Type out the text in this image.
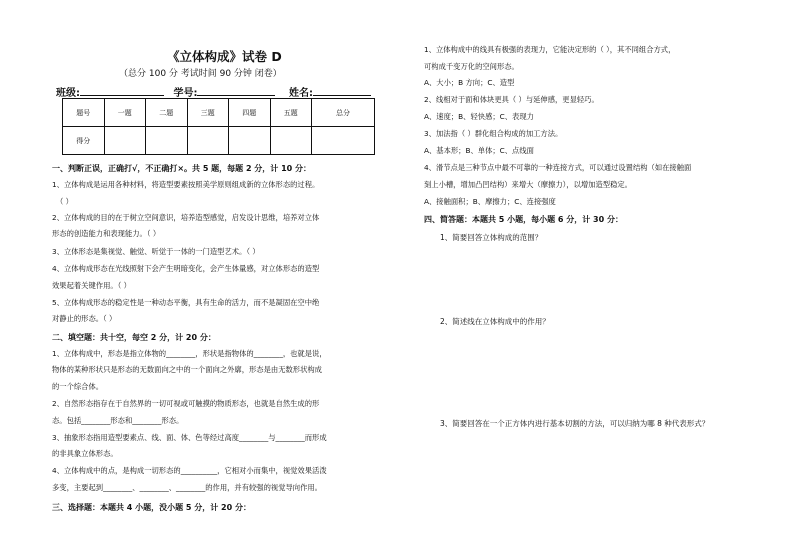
《立体构成》试卷 D
（总分 100 分 考试时间 90 分钟 闭卷）
班级:	学号:	姓名:
题号	一题	二题	三题	四题	五题	总分
得分						
一、判断正误，正确打√，不正确打×。共 5 题，每题 2 分，计 10 分：
1、立体构成是运用各种材料，将造型要素按照美学原则组成新的立体形态的过程。
（ ）
2、立体构成的目的在于树立空间意识，培养造型感觉，启发设计思维，培养对立体
形态的创造能力和表现能力。（ ）
3、立体形态是集视觉、触觉、听觉于一体的一门造型艺术。（ ）
4、立体构成形态在光线照射下会产生明暗变化，会产生体量感，对立体形态的造型
效果起着关键作用。（ ）
5、立体构成形态的稳定性是一种动态平衡，具有生命的活力，而不是凝固在空中绝
对静止的形态。（ ）
二、填空题：共十空，每空 2 分，计 20 分：
1、立体构成中，形态是指立体物的________，形状是指物体的________，也就是说，
物体的某种形状只是形态的无数面向之中的一个面向之外廓，形态是由无数形状构成
的一个综合体。
2、自然形态指存在于自然界的一切可视或可触摸的物质形态，也就是自然生成的形
态。包括________形态和________形态。
3、抽象形态指用造型要素点、线、面、体、色等经过高度________与________而形成
的非具象立体形态。
4、立体构成中的点，是构成一切形态的__________，它相对小而集中，视觉效果活泼
多变，主要起到________、________、________的作用，并有较强的视觉导向作用。
三、选择题：本题共 4 小题，没小题 5 分，计 20 分：
1、立体构成中的线具有极强的表现力，它能决定形的（ ），其不同组合方式，
可构成千变万化的空间形态。
A、大小；B 方向；C、造型
2、线相对于面和体块更具（ ）与延伸感，更显轻巧。
A、速度；B、轻快感；C、表现力
3、加法指（ ）群化组合构成的加工方法。
A、基本形；B、单体；C、点线面
4、滑节点是三种节点中最不可靠的一种连接方式，可以通过设置结构（如在接触面
刻上小槽，增加凸凹结构）来增大（摩擦力），以增加造型稳定。
A、接触面积；B、摩擦力；C、连接强度
四、简答题：本题共 5 小题，每小题 6 分，计 30 分：
1、简要回答立体构成的范围？
2、简述线在立体构成中的作用？
3、简要回答在一个正方体内进行基本切割的方法，可以归纳为哪 8 种代表形式？
